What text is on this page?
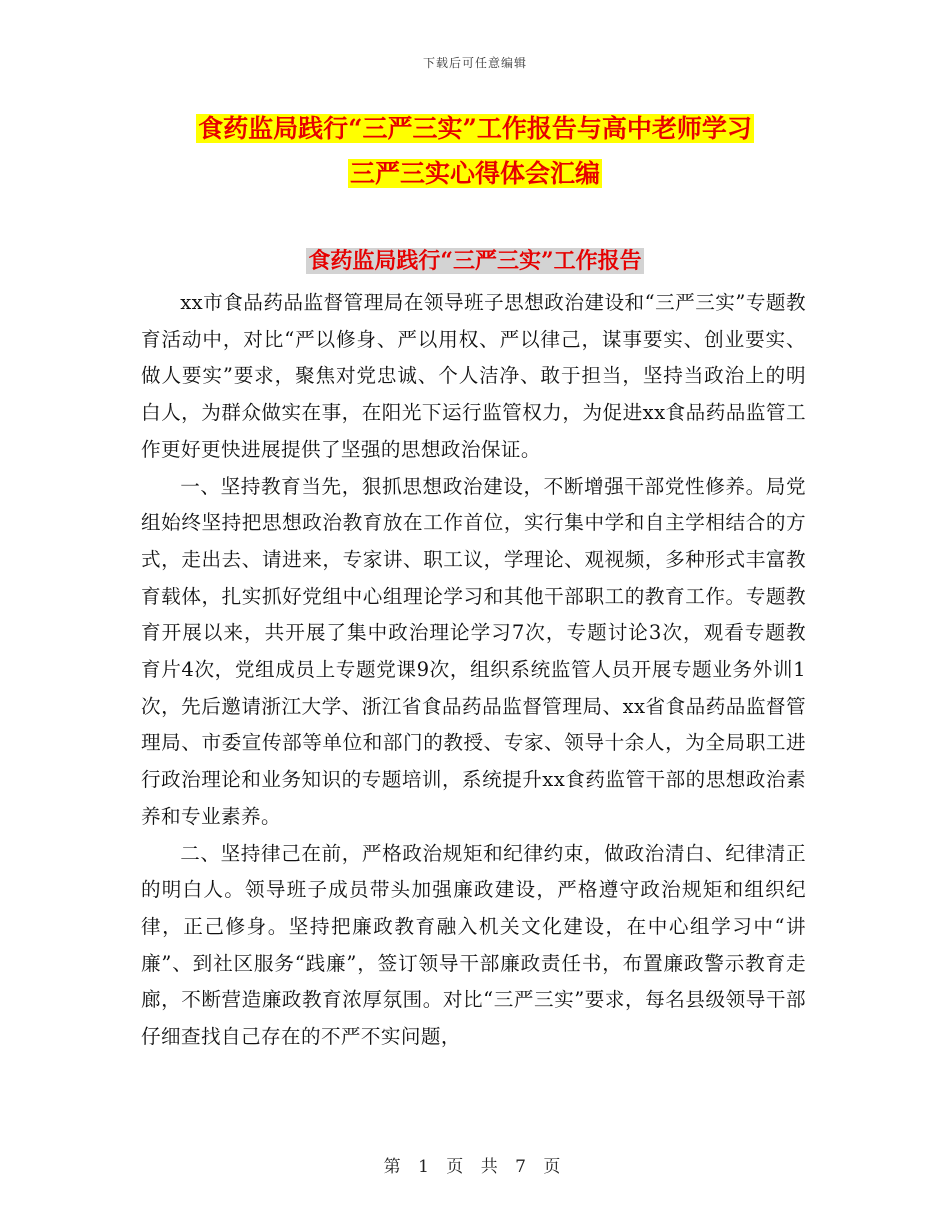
下载后可任意编辑
食药监局践行“三严三实”工作报告与高中老师学习
三严三实心得体会汇编
食药监局践行“三严三实”工作报告

xx市食品药品监督管理局在领导班子思想政治建设和“三严三实”专题教育活动中，对比“严以修身、严以用权、严以律己，谋事要实、创业要实、做人要实”要求，聚焦对党忠诚、个人洁净、敢于担当，坚持当政治上的明白人，为群众做实在事，在阳光下运行监管权力，为促进xx食品药品监管工作更好更快进展提供了坚强的思想政治保证。

一、坚持教育当先，狠抓思想政治建设，不断增强干部党性修养。局党组始终坚持把思想政治教育放在工作首位，实行集中学和自主学相结合的方式，走出去、请进来，专家讲、职工议，学理论、观视频，多种形式丰富教育载体，扎实抓好党组中心组理论学习和其他干部职工的教育工作。专题教育开展以来，共开展了集中政治理论学习7次，专题讨论3次，观看专题教育片4次，党组成员上专题党课9次，组织系统监管人员开展专题业务外训1次，先后邀请浙江大学、浙江省食品药品监督管理局、xx省食品药品监督管理局、市委宣传部等单位和部门的教授、专家、领导十余人，为全局职工进行政治理论和业务知识的专题培训，系统提升xx食药监管干部的思想政治素养和专业素养。

二、坚持律己在前，严格政治规矩和纪律约束，做政治清白、纪律清正的明白人。领导班子成员带头加强廉政建设，严格遵守政治规矩和组织纪律，正己修身。坚持把廉政教育融入机关文化建设，在中心组学习中“讲廉”、到社区服务“践廉”，签订领导干部廉政责任书，布置廉政警示教育走廊，不断营造廉政教育浓厚氛围。对比“三严三实”要求，每名县级领导干部仔细查找自己存在的不严不实问题，

第 1 页 共 7 页
